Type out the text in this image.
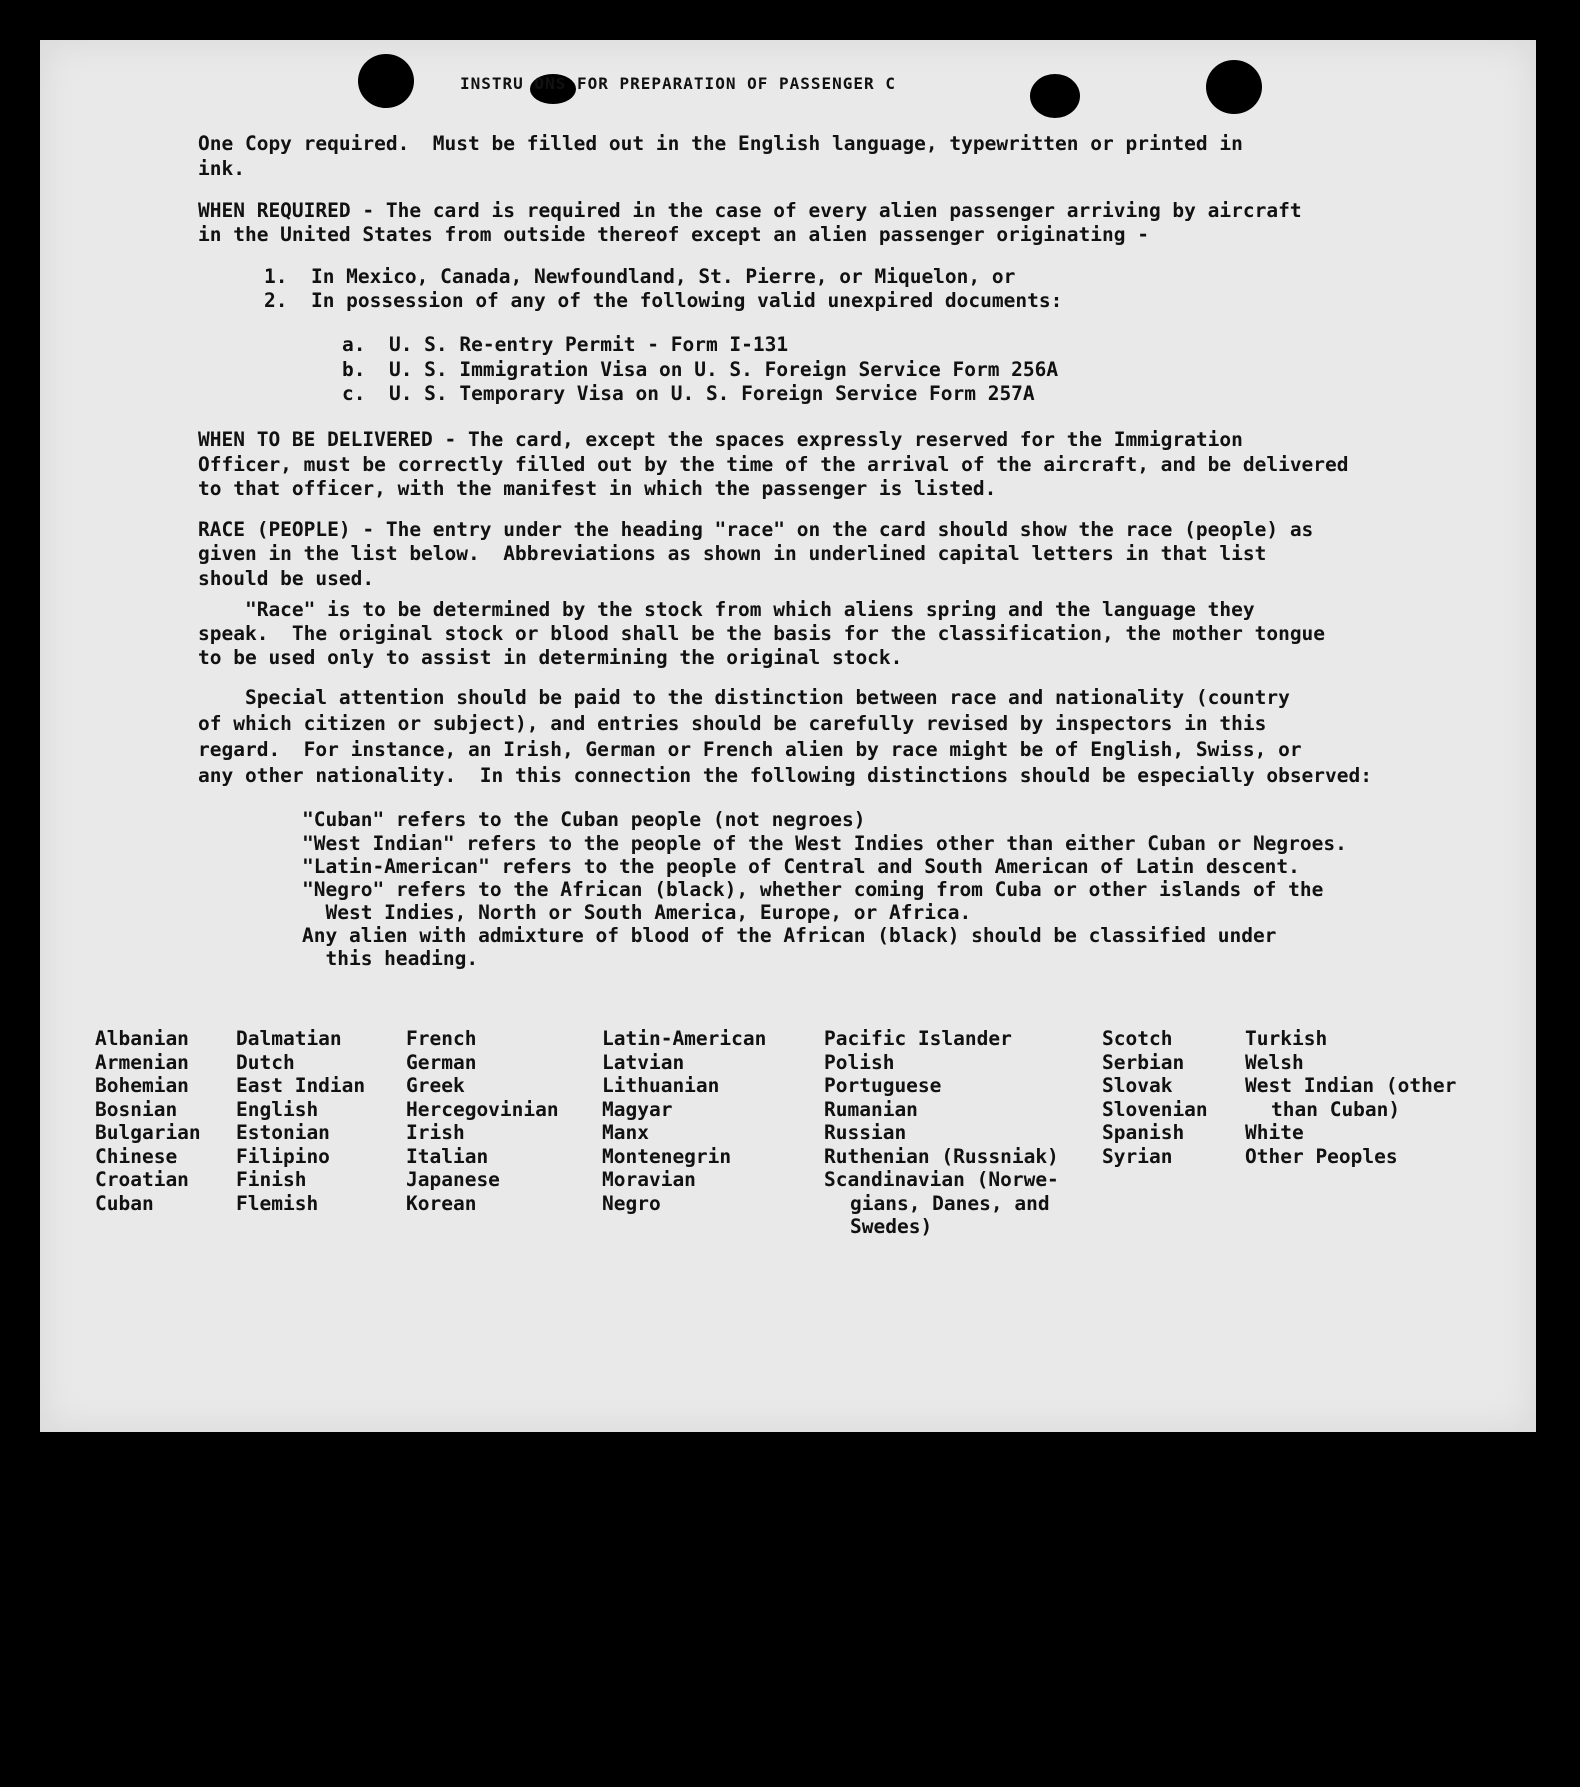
INSTRU ONS FOR PREPARATION OF PASSENGER C

One Copy required.  Must be filled out in the English language, typewritten or printed in

ink.

WHEN REQUIRED - The card is required in the case of every alien passenger arriving by aircraft

in the United States from outside thereof except an alien passenger originating -

1.  In Mexico, Canada, Newfoundland, St. Pierre, or Miquelon, or

2.  In possession of any of the following valid unexpired documents:

a.  U. S. Re-entry Permit - Form I-131

b.  U. S. Immigration Visa on U. S. Foreign Service Form 256A

c.  U. S. Temporary Visa on U. S. Foreign Service Form 257A

WHEN TO BE DELIVERED - The card, except the spaces expressly reserved for the Immigration

Officer, must be correctly filled out by the time of the arrival of the aircraft, and be delivered

to that officer, with the manifest in which the passenger is listed.

RACE (PEOPLE) - The entry under the heading "race" on the card should show the race (people) as

given in the list below.  Abbreviations as shown in underlined capital letters in that list

should be used.

"Race" is to be determined by the stock from which aliens spring and the language they

speak.  The original stock or blood shall be the basis for the classification, the mother tongue

to be used only to assist in determining the original stock.

Special attention should be paid to the distinction between race and nationality (country

of which citizen or subject), and entries should be carefully revised by inspectors in this

regard.  For instance, an Irish, German or French alien by race might be of English, Swiss, or

any other nationality.  In this connection the following distinctions should be especially observed:

"Cuban" refers to the Cuban people (not negroes)

"West Indian" refers to the people of the West Indies other than either Cuban or Negroes.

"Latin-American" refers to the people of Central and South American of Latin descent.

"Negro" refers to the African (black), whether coming from Cuba or other islands of the

West Indies, North or South America, Europe, or Africa.

Any alien with admixture of blood of the African (black) should be classified under

this heading.

Albanian
Armenian
Bohemian
Bosnian
Bulgarian
Chinese
Croatian
Cuban
Dalmatian
Dutch
East Indian
English
Estonian
Filipino
Finish
Flemish
French
German
Greek
Hercegovinian
Irish
Italian
Japanese
Korean
Latin-American
Latvian
Lithuanian
Magyar
Manx
Montenegrin
Moravian
Negro
Pacific Islander
Polish
Portuguese
Rumanian
Russian
Ruthenian (Russniak)
Scandinavian (Norwe-
gians, Danes, and
Swedes)
Scotch
Serbian
Slovak
Slovenian
Spanish
Syrian
Turkish
Welsh
West Indian (other
than Cuban)
White
Other Peoples
